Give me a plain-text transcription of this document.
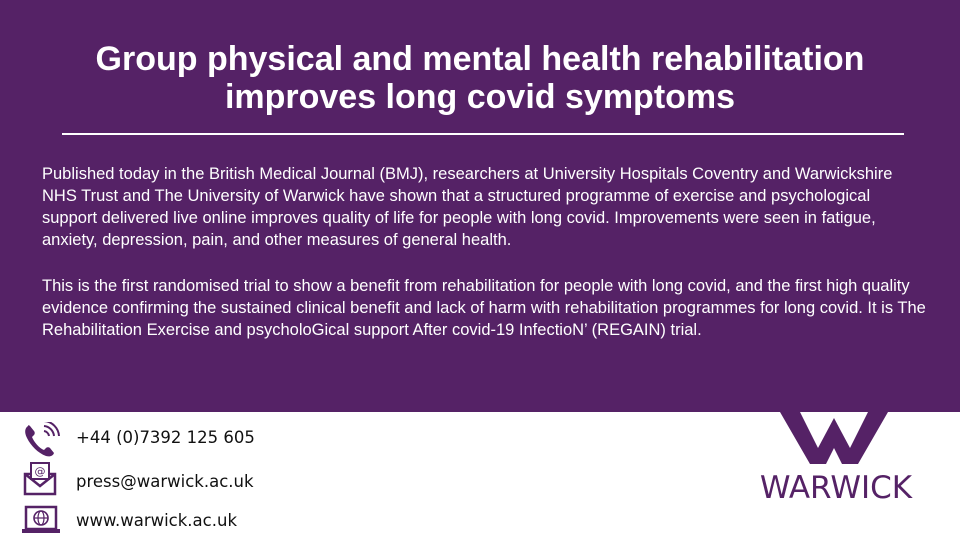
Group physical and mental health rehabilitation improves long covid symptoms

Published today in the British Medical Journal (BMJ), researchers at University Hospitals Coventry and Warwickshire NHS Trust and The University of Warwick have shown that a structured programme of exercise and psychological support delivered live online improves quality of life for people with long covid. Improvements were seen in fatigue, anxiety, depression, pain, and other measures of general health.

This is the first randomised trial to show a benefit from rehabilitation for people with long covid, and the first high quality evidence confirming the sustained clinical benefit and lack of harm with rehabilitation programmes for long covid. It is The Rehabilitation Exercise and psycholoGical support After covid-19 InfectioN’ (REGAIN) trial.

@
+44 (0)7392 125 605
press@warwick.ac.uk
www.warwick.ac.uk
WARWICK
